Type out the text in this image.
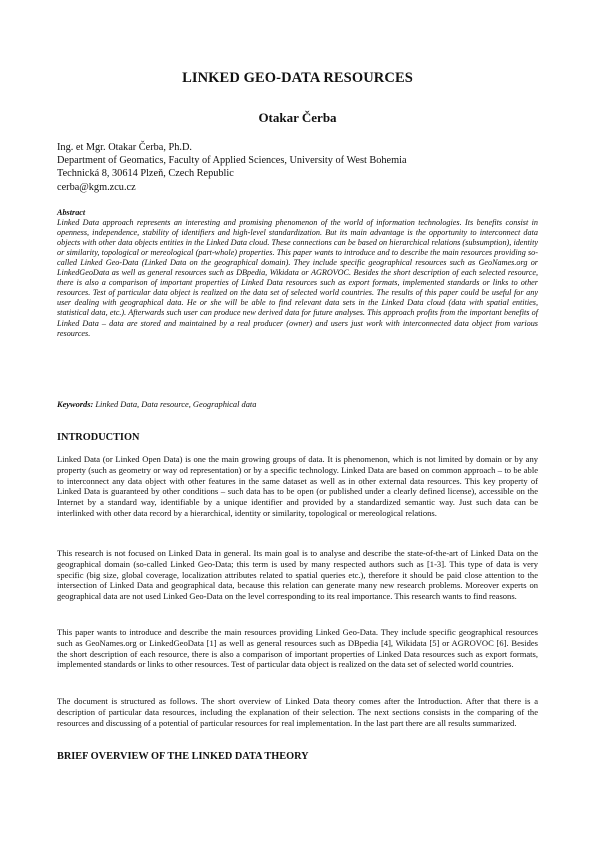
LINKED GEO-DATA RESOURCES
Otakar Čerba
Ing. et Mgr. Otakar Čerba, Ph.D.
Department of Geomatics, Faculty of Applied Sciences, University of West Bohemia
Technická 8, 30614 Plzeň, Czech Republic
cerba@kgm.zcu.cz
Abstract
Linked Data approach represents an interesting and promising phenomenon of the world of information technologies. Its benefits consist in openness, independence, stability of identifiers and high-level standardization. But its main advantage is the opportunity to interconnect data objects with other data objects entities in the Linked Data cloud. These connections can be based on hierarchical relations (subsumption), identity or similarity, topological or mereological (part-whole) properties. This paper wants to introduce and to describe the main resources providing so-called Linked Geo-Data (Linked Data on the geographical domain). They include specific geographical resources such as GeoNames.org or LinkedGeoData as well as general resources such as DBpedia, Wikidata or AGROVOC. Besides the short description of each selected resource, there is also a comparison of important properties of Linked Data resources such as export formats, implemented standards or links to other resources. Test of particular data object is realized on the data set of selected world countries. The results of this paper could be useful for any user dealing with geographical data. He or she will be able to find relevant data sets in the Linked Data cloud (data with spatial entities, statistical data, etc.). Afterwards such user can produce new derived data for future analyses. This approach profits from the important benefits of Linked Data – data are stored and maintained by a real producer (owner) and users just work with interconnected data object from various resources.
Keywords: Linked Data, Data resource, Geographical data
INTRODUCTION
Linked Data (or Linked Open Data) is one the main growing groups of data. It is phenomenon, which is not limited by domain or by any property (such as geometry or way od representation) or by a specific technology. Linked Data are based on common approach – to be able to interconnect any data object with other features in the same dataset as well as in other external data resources. This key property of Linked Data is guaranteed by other conditions – such data has to be open (or published under a clearly defined license), accessible on the Internet by a standard way, identifiable by a unique identifier and provided by a standardized semantic way. Just such data can be interlinked with other data record by a hierarchical, identity or similarity, topological or mereological relations.
This research is not focused on Linked Data in general. Its main goal is to analyse and describe the state-of-the-art of Linked Data on the geographical domain (so-called Linked Geo-Data; this term is used by many respected authors such as [1-3]. This type of data is very specific (big size, global coverage, localization attributes related to spatial queries etc.), therefore it should be paid close attention to the intersection of Linked Data and geographical data, because this relation can generate many new research problems. Moreover experts on geographical data are not used Linked Geo-Data on the level corresponding to its real importance. This research wants to find reasons.
This paper wants to introduce and describe the main resources providing Linked Geo-Data. They include specific geographical resources such as GeoNames.org or LinkedGeoData [1] as well as general resources such as DBpedia [4], Wikidata [5] or AGROVOC [6]. Besides the short description of each resource, there is also a comparison of important properties of Linked Data resources such as export formats, implemented standards or links to other resources. Test of particular data object is realized on the data set of selected world countries.
The document is structured as follows. The short overview of Linked Data theory comes after the Introduction. After that there is a description of particular data resources, including the explanation of their selection. The next sections consists in the comparing of the resources and discussing of a potential of particular resources for real implementation. In the last part there are all results summarized.
BRIEF OVERVIEW OF THE LINKED DATA THEORY
